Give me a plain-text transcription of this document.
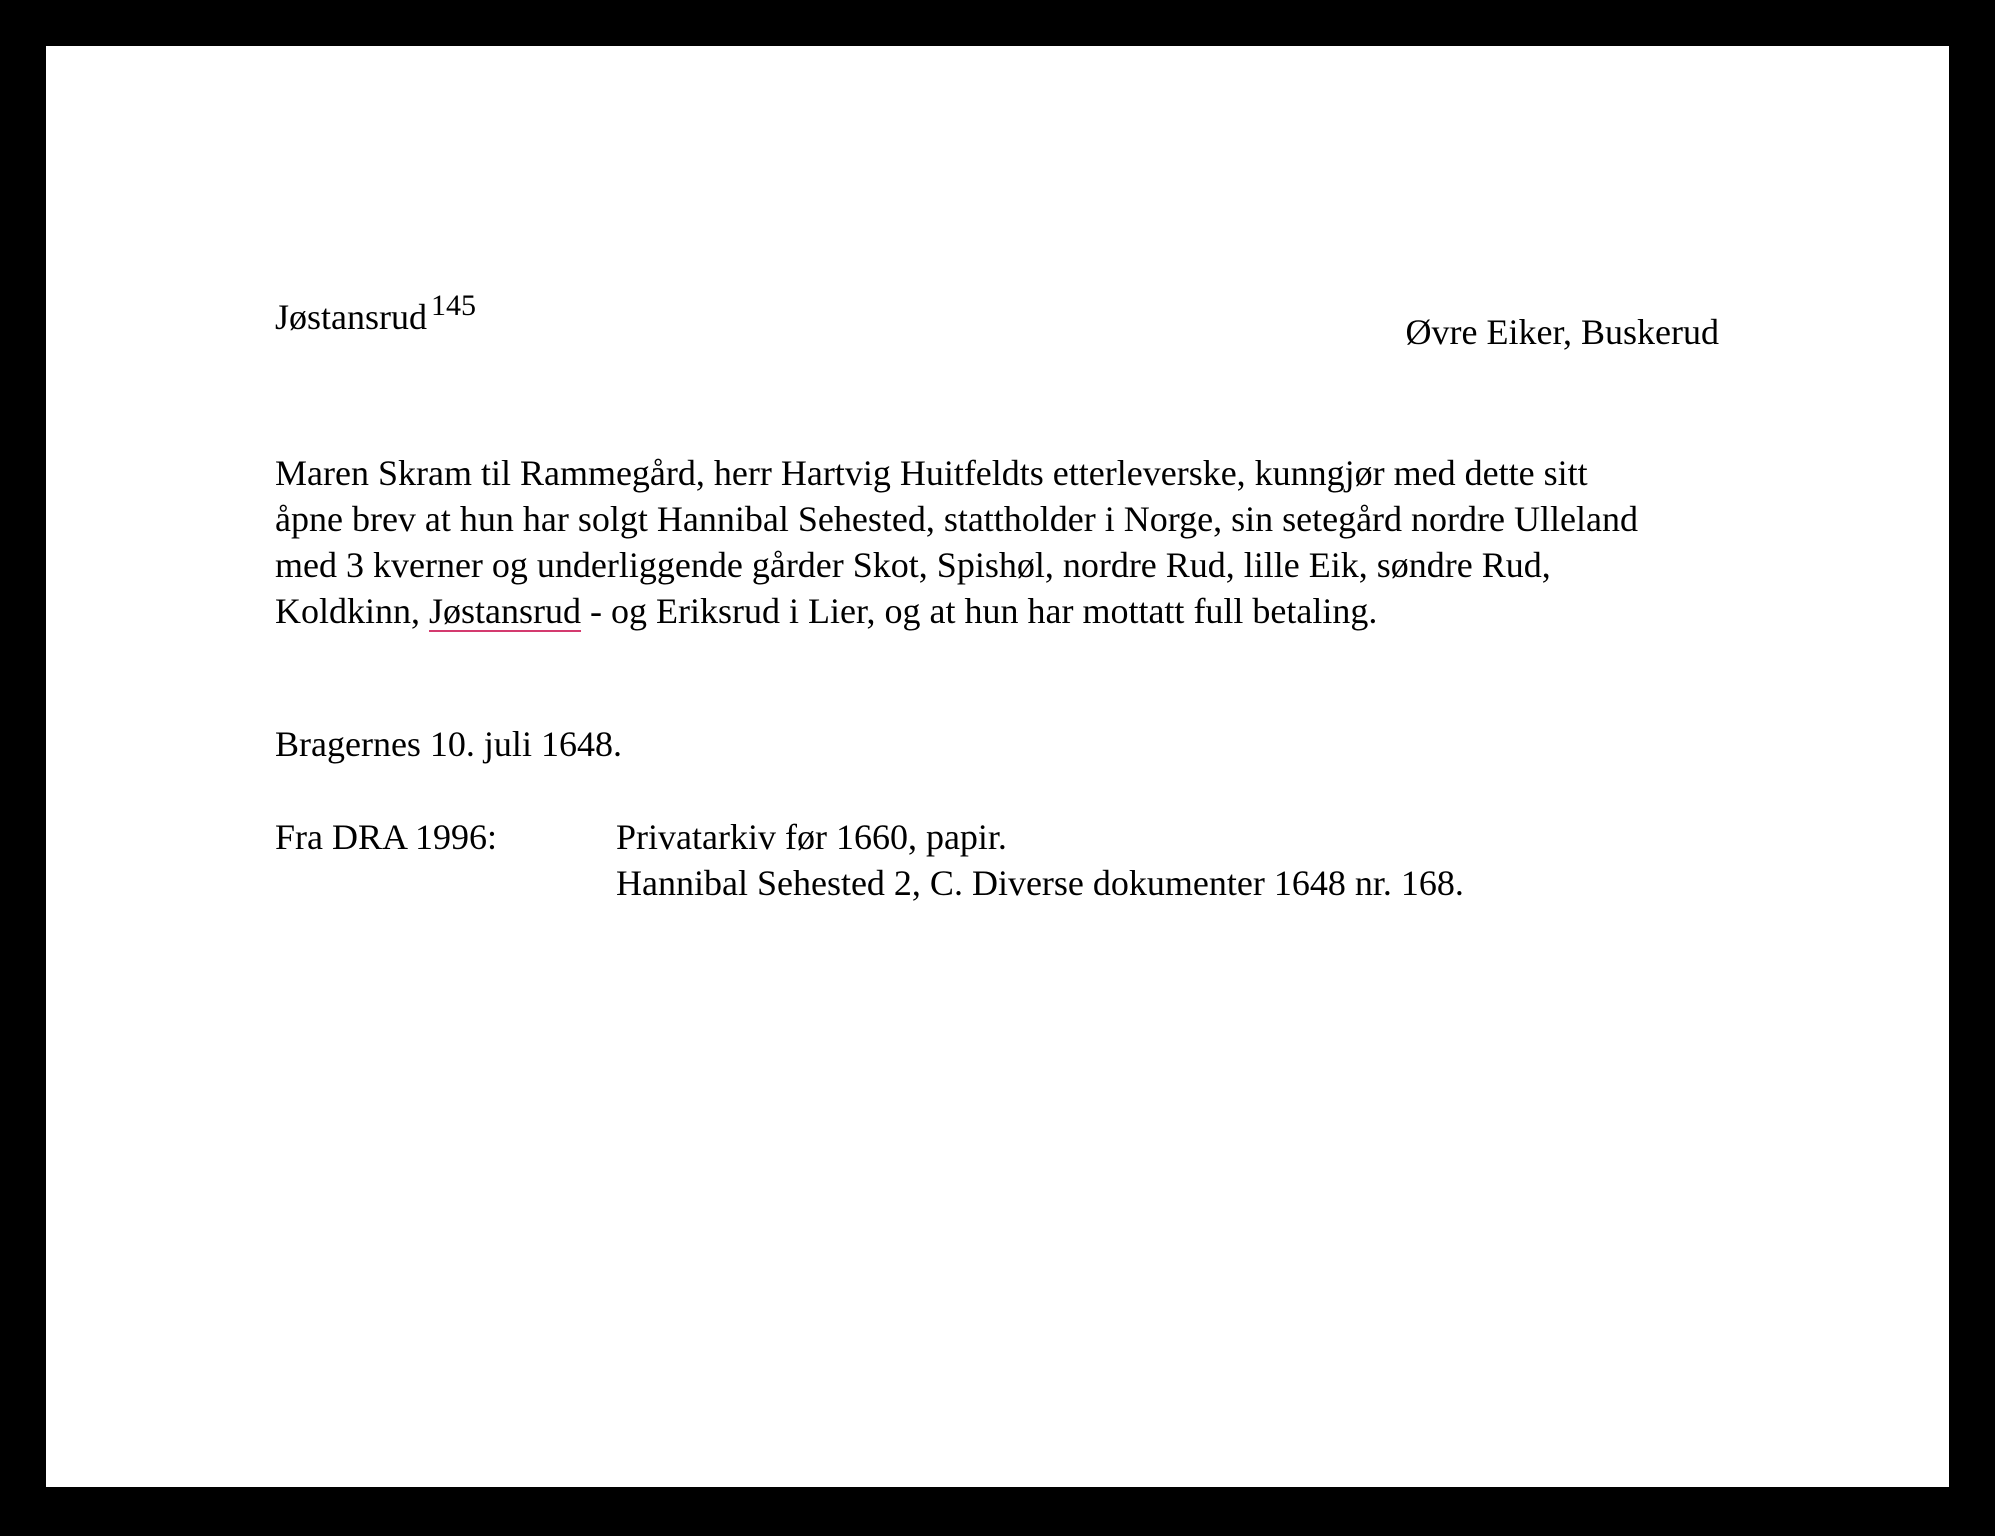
Jøstansrud $^{145}$
Øvre Eiker, Buskerud

Maren Skram til Rammegård, herr Hartvig Huitfeldts etterleverske, kunngjør med dette sitt

åpne brev at hun har solgt Hannibal Sehested, stattholder i Norge, sin setegård nordre Ulleland

med 3 kverner og underliggende gårder Skot, Spishøl, nordre Rud, lille Eik, søndre Rud,

Koldkinn, Jøstansrud - og Eriksrud i Lier, og at hun har mottatt full betaling.

Bragernes 10. juli 1648.
Fra DRA 1996:	Privatarkiv før 1660, papir.
Hannibal Sehested 2, C. Diverse dokumenter 1648 nr. 168.
